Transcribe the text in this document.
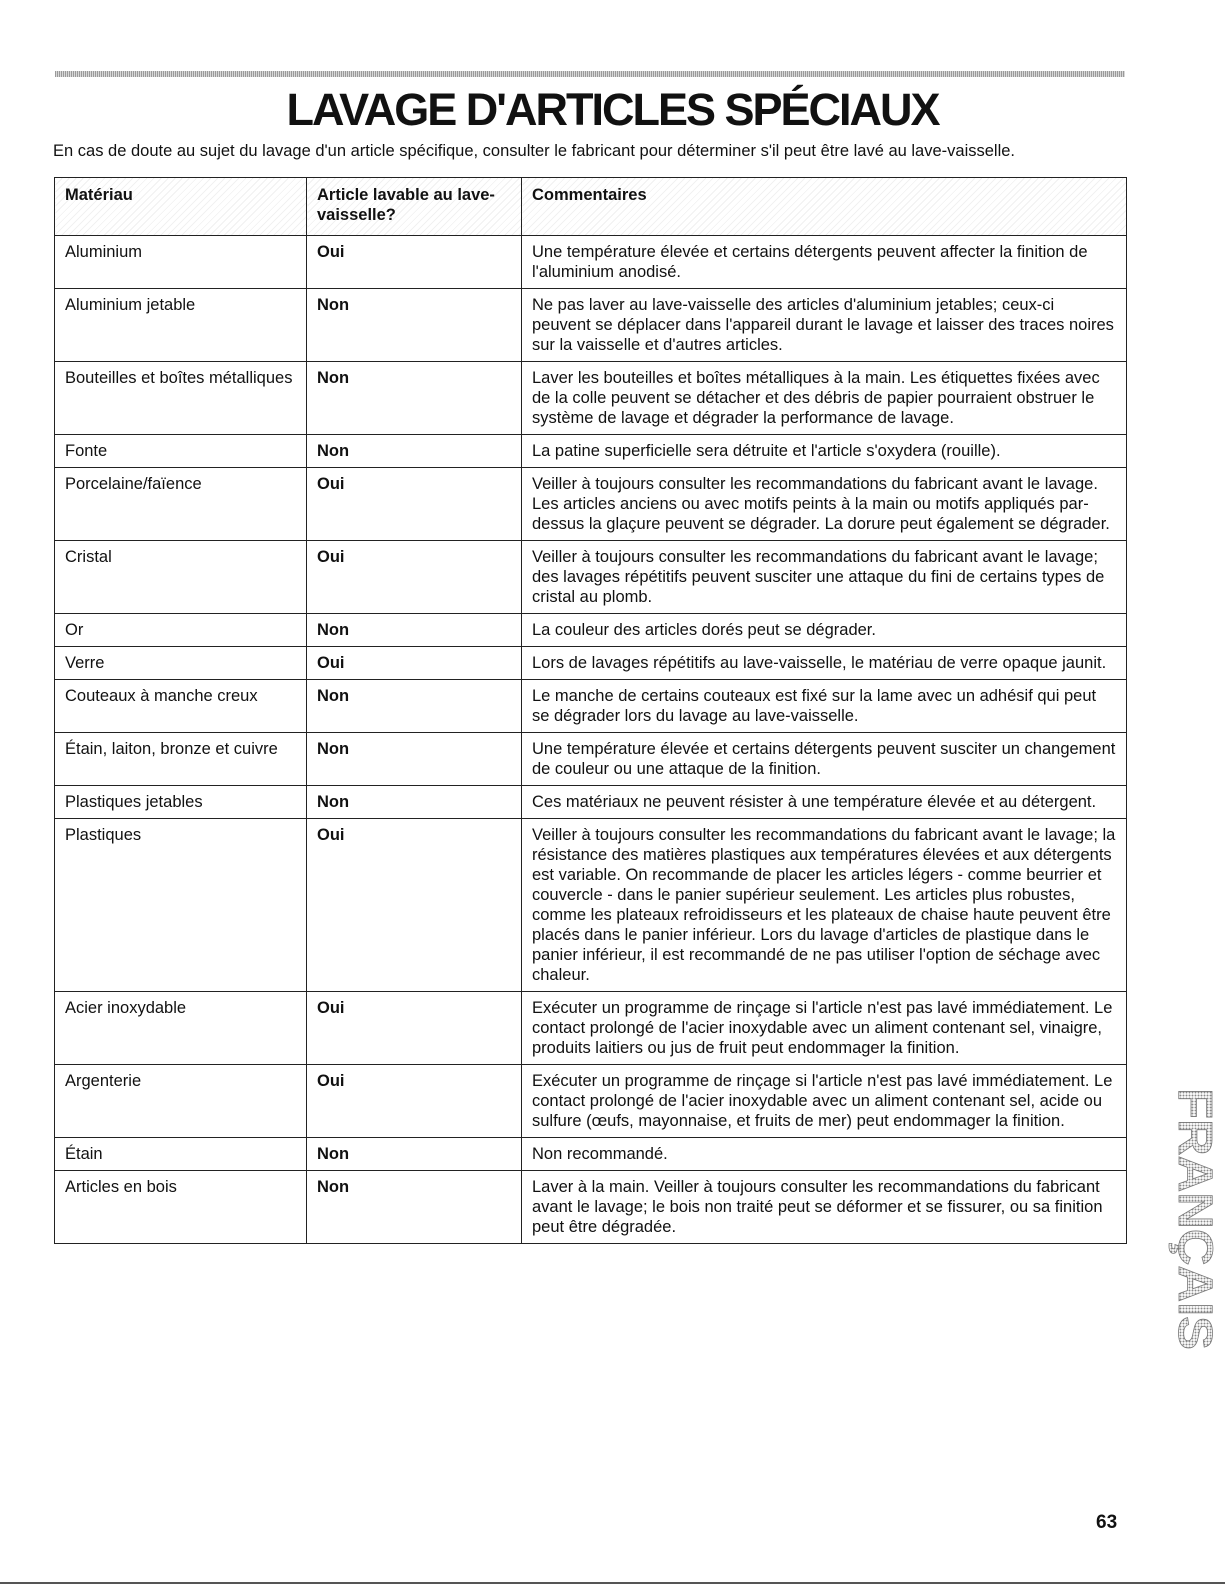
LAVAGE D'ARTICLES SPÉCIAUX

En cas de doute au sujet du lavage d'un article spécifique, consulter le fabricant pour déterminer s'il peut être lavé au lave-vaisselle.

Matériau	Article lavable au lave-vaisselle?	Commentaires
Aluminium	Oui	Une température élevée et certains détergents peuvent affecter la finition de l'aluminium anodisé.
Aluminium jetable	Non	Ne pas laver au lave-vaisselle des articles d'aluminium jetables; ceux-ci peuvent se déplacer dans l'appareil durant le lavage et laisser des traces noires sur la vaisselle et d'autres articles.
Bouteilles et boîtes métalliques	Non	Laver les bouteilles et boîtes métalliques à la main. Les étiquettes fixées avec de la colle peuvent se détacher et des débris de papier pourraient obstruer le système de lavage et dégrader la performance de lavage.
Fonte	Non	La patine superficielle sera détruite et l'article s'oxydera (rouille).
Porcelaine/faïence	Oui	Veiller à toujours consulter les recommandations du fabricant avant le lavage. Les articles anciens ou avec motifs peints à la main ou motifs appliqués par-dessus la glaçure peuvent se dégrader. La dorure peut également se dégrader.
Cristal	Oui	Veiller à toujours consulter les recommandations du fabricant avant le lavage; des lavages répétitifs peuvent susciter une attaque du fini de certains types de cristal au plomb.
Or	Non	La couleur des articles dorés peut se dégrader.
Verre	Oui	Lors de lavages répétitifs au lave-vaisselle, le matériau de verre opaque jaunit.
Couteaux à manche creux	Non	Le manche de certains couteaux est fixé sur la lame avec un adhésif qui peut se dégrader lors du lavage au lave-vaisselle.
Étain, laiton, bronze et cuivre	Non	Une température élevée et certains détergents peuvent susciter un changement de couleur ou une attaque de la finition.
Plastiques jetables	Non	Ces matériaux ne peuvent résister à une température élevée et au détergent.
Plastiques	Oui	Veiller à toujours consulter les recommandations du fabricant avant le lavage; la résistance des matières plastiques aux températures élevées et aux détergents est variable. On recommande de placer les articles légers - comme beurrier et couvercle - dans le panier supérieur seulement. Les articles plus robustes, comme les plateaux refroidisseurs et les plateaux de chaise haute peuvent être placés dans le panier inférieur. Lors du lavage d'articles de plastique dans le panier inférieur, il est recommandé de ne pas utiliser l'option de séchage avec chaleur.
Acier inoxydable	Oui	Exécuter un programme de rinçage si l'article n'est pas lavé immédiatement. Le contact prolongé de l'acier inoxydable avec un aliment contenant sel, vinaigre, produits laitiers ou jus de fruit peut endommager la finition.
Argenterie	Oui	Exécuter un programme de rinçage si l'article n'est pas lavé immédiatement. Le contact prolongé de l'acier inoxydable avec un aliment contenant sel, acide ou sulfure (œufs, mayonnaise, et fruits de mer) peut endommager la finition.
Étain	Non	Non recommandé.
Articles en bois	Non	Laver à la main. Veiller à toujours consulter les recommandations du fabricant avant le lavage; le bois non traité peut se déformer et se fissurer, ou sa finition peut être dégradée.	FRANÇAIS
63
